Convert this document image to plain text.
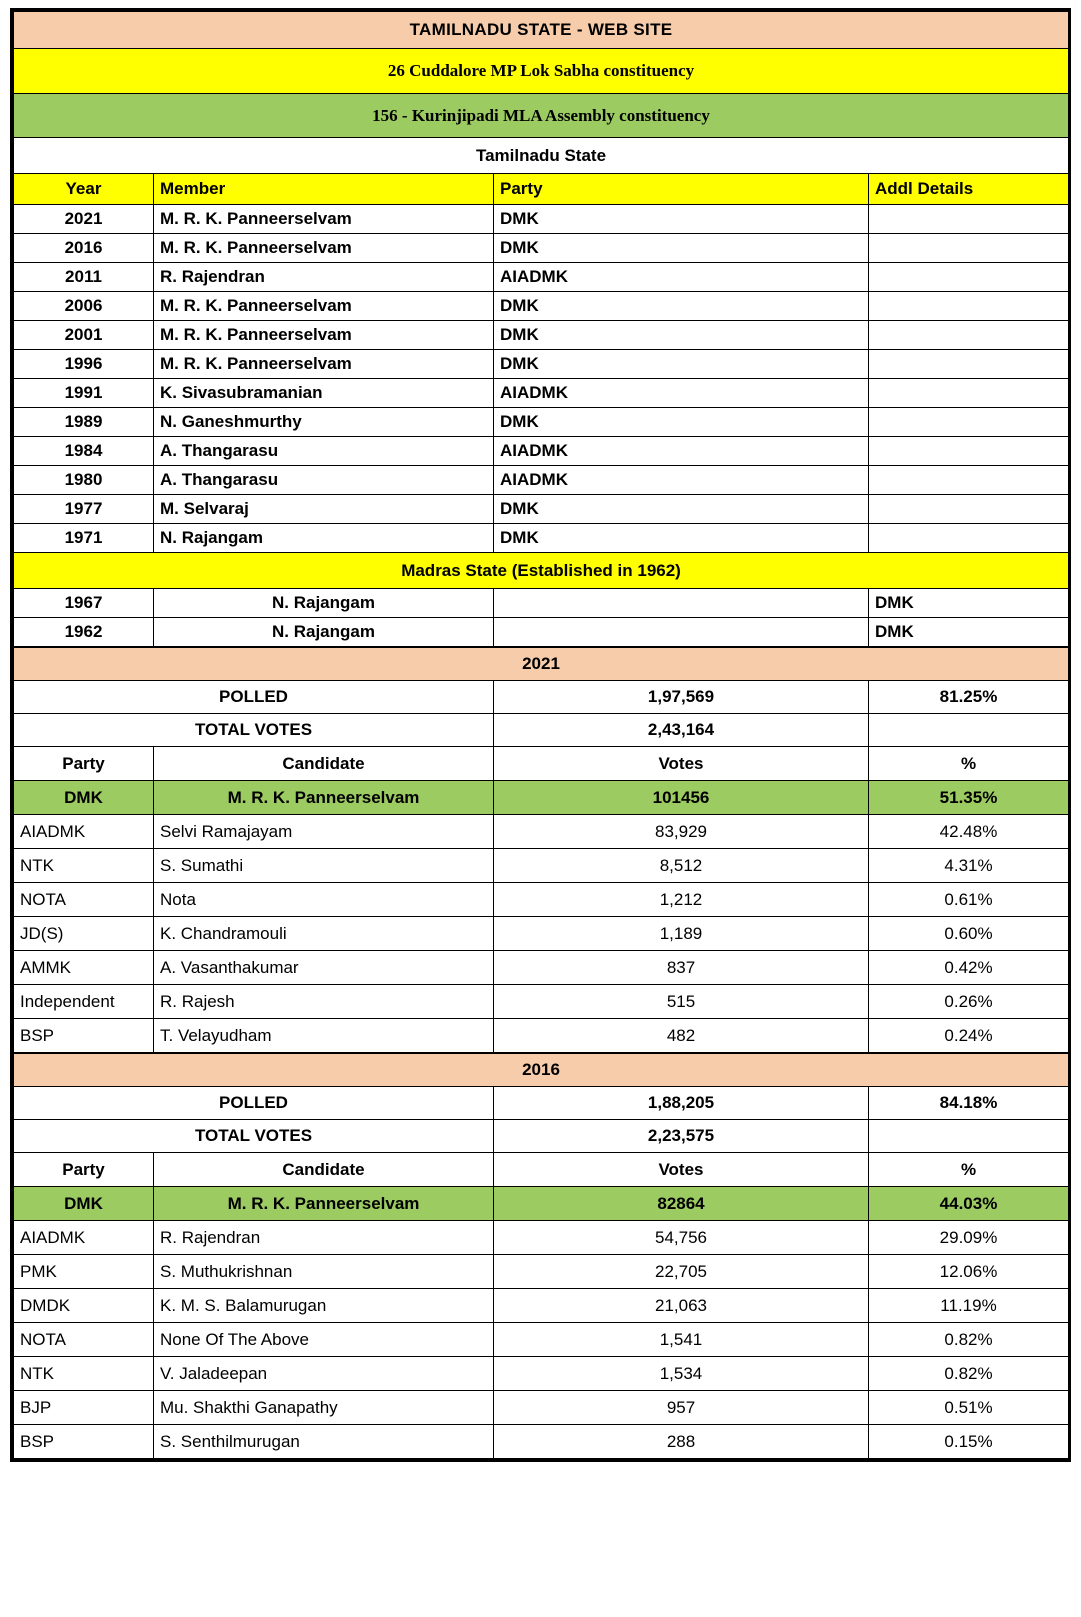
TAMILNADU STATE - WEB SITE			
26 Cuddalore MP Lok Sabha constituency			
156 - Kurinjipadi MLA Assembly constituency			
Tamilnadu State			
Year	Member	Party	Addl Details
2021	M. R. K. Panneerselvam	DMK	
2016	M. R. K. Panneerselvam	DMK	
2011	R. Rajendran	AIADMK	
2006	M. R. K. Panneerselvam	DMK	
2001	M. R. K. Panneerselvam	DMK	
1996	M. R. K. Panneerselvam	DMK	
1991	K. Sivasubramanian	AIADMK	
1989	N. Ganeshmurthy	DMK	
1984	A. Thangarasu	AIADMK	
1980	A. Thangarasu	AIADMK	
1977	M. Selvaraj	DMK	
1971	N. Rajangam	DMK	
Madras State (Established in 1962)			
1967	N. Rajangam		DMK
1962	N. Rajangam		DMK
2021			
POLLED		1,97,569	81.25%
TOTAL VOTES		2,43,164	
Party	Candidate	Votes	%
DMK	M. R. K. Panneerselvam	101456	51.35%
AIADMK	Selvi Ramajayam	83,929	42.48%
NTK	S. Sumathi	8,512	4.31%
NOTA	Nota	1,212	0.61%
JD(S)	K. Chandramouli	1,189	0.60%
AMMK	A. Vasanthakumar	837	0.42%
Independent	R. Rajesh	515	0.26%
BSP	T. Velayudham	482	0.24%
2016			
POLLED		1,88,205	84.18%
TOTAL VOTES		2,23,575	
Party	Candidate	Votes	%
DMK	M. R. K. Panneerselvam	82864	44.03%
AIADMK	R. Rajendran	54,756	29.09%
PMK	S. Muthukrishnan	22,705	12.06%
DMDK	K. M. S. Balamurugan	21,063	11.19%
NOTA	None Of The Above	1,541	0.82%
NTK	V. Jaladeepan	1,534	0.82%
BJP	Mu. Shakthi Ganapathy	957	0.51%
BSP	S. Senthilmurugan	288	0.15%
